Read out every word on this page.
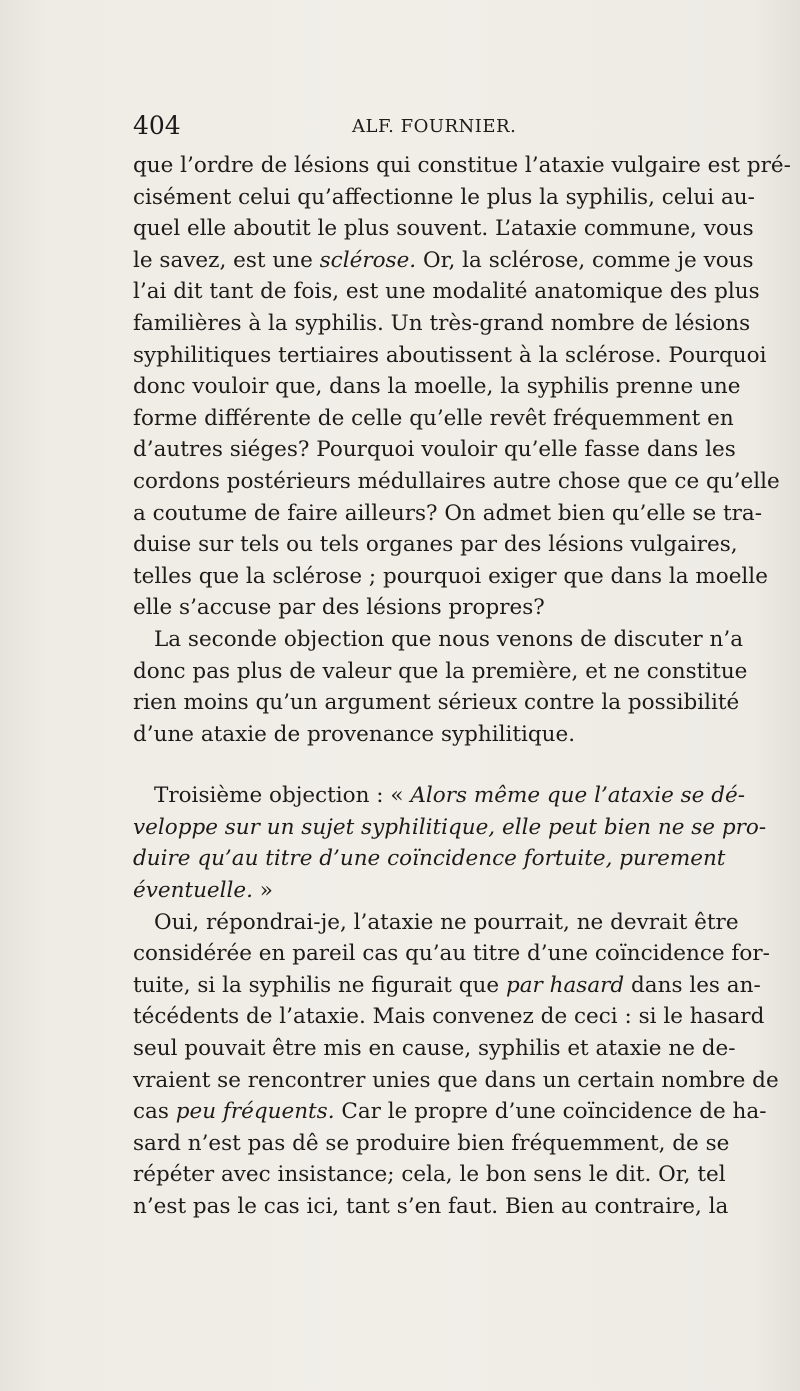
404	ALF. FOURNIER.
que l’ordre de lésions qui constitue l’ataxie vulgaire est pré-
cisément celui qu’affectionne le plus la syphilis, celui au-
quel elle aboutit le plus souvent. L’ataxie commune, vous
le savez, est une sclérose. Or, la sclérose, comme je vous
l’ai dit tant de fois, est une modalité anatomique des plus
familières à la syphilis. Un très-grand nombre de lésions
syphilitiques tertiaires aboutissent à la sclérose. Pourquoi
donc vouloir que, dans la moelle, la syphilis prenne une
forme différente de celle qu’elle revêt fréquemment en
d’autres siéges? Pourquoi vouloir qu’elle fasse dans les
cordons postérieurs médullaires autre chose que ce qu’elle
a coutume de faire ailleurs? On admet bien qu’elle se tra-
duise sur tels ou tels organes par des lésions vulgaires,
telles que la sclérose ; pourquoi exiger que dans la moelle
elle s’accuse par des lésions propres?
La seconde objection que nous venons de discuter n’a
donc pas plus de valeur que la première, et ne constitue
rien moins qu’un argument sérieux contre la possibilité
d’une ataxie de provenance syphilitique.
Troisième objection : « Alors même que l’ataxie se dé-
veloppe sur un sujet syphilitique, elle peut bien ne se pro-
duire qu’au titre d’une coïncidence fortuite, purement
éventuelle. »
Oui, répondrai-je, l’ataxie ne pourrait, ne devrait être
considérée en pareil cas qu’au titre d’une coïncidence for-
tuite, si la syphilis ne figurait que par hasard dans les an-
técédents de l’ataxie. Mais convenez de ceci : si le hasard
seul pouvait être mis en cause, syphilis et ataxie ne de-
vraient se rencontrer unies que dans un certain nombre de
cas peu fréquents. Car le propre d’une coïncidence de ha-
sard n’est pas dê se produire bien fréquemment, de se
répéter avec insistance; cela, le bon sens le dit. Or, tel
n’est pas le cas ici, tant s’en faut. Bien au contraire, la
